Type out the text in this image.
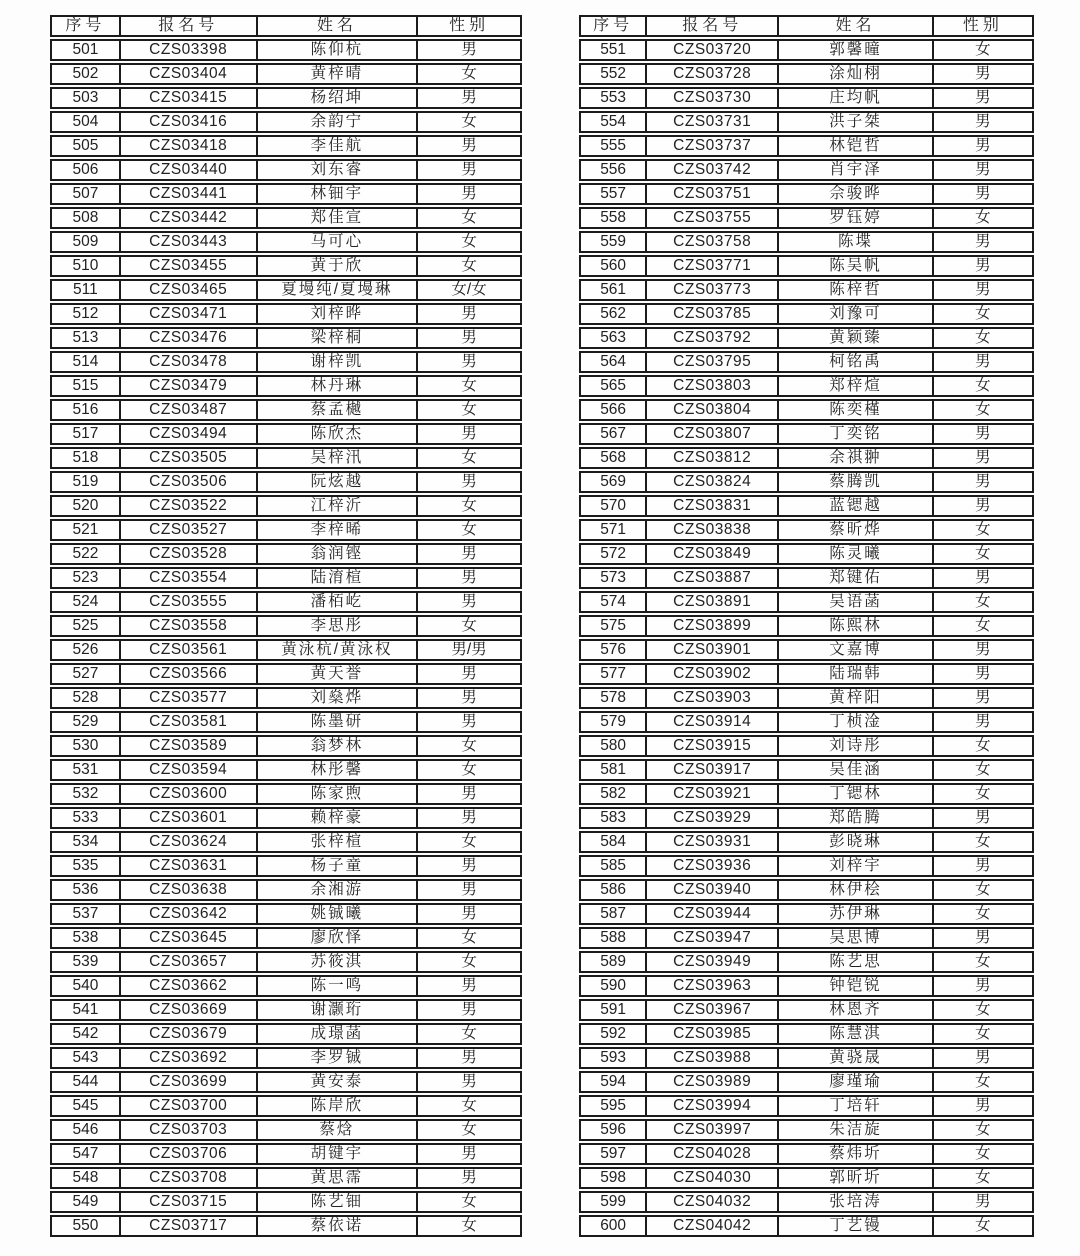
序号	报名号	姓名	性别
501	CZS03398	陈仰杭	男
502	CZS03404	黄梓晴	女
503	CZS03415	杨绍坤	男
504	CZS03416	余韵宁	女
505	CZS03418	李佳航	男
506	CZS03440	刘东睿	男
507	CZS03441	林钿宇	男
508	CZS03442	郑佳宣	女
509	CZS03443	马可心	女
510	CZS03455	黄于欣	女
511	CZS03465	夏墁纯/夏墁琳	女/女
512	CZS03471	刘梓晔	男
513	CZS03476	梁梓桐	男
514	CZS03478	谢梓凯	男
515	CZS03479	林丹琳	女
516	CZS03487	蔡孟樾	女
517	CZS03494	陈欣杰	男
518	CZS03505	吴梓汛	女
519	CZS03506	阮炫越	男
520	CZS03522	江梓沂	女
521	CZS03527	李梓晞	女
522	CZS03528	翁润铿	男
523	CZS03554	陆淯楦	男
524	CZS03555	潘栢屹	男
525	CZS03558	李思彤	女
526	CZS03561	黄泳杭/黄泳权	男/男
527	CZS03566	黄天誉	男
528	CZS03577	刘燊烨	男
529	CZS03581	陈墨研	男
530	CZS03589	翁梦林	女
531	CZS03594	林彤馨	女
532	CZS03600	陈家煦	男
533	CZS03601	赖梓豪	男
534	CZS03624	张梓楦	女
535	CZS03631	杨子童	男
536	CZS03638	余湘游	男
537	CZS03642	姚铖曦	男
538	CZS03645	廖欣怿	女
539	CZS03657	苏筱淇	女
540	CZS03662	陈一鸣	男
541	CZS03669	谢灏珩	男
542	CZS03679	成璟菡	女
543	CZS03692	李罗铖	男
544	CZS03699	黄安泰	男
545	CZS03700	陈岸欣	女
546	CZS03703	蔡焓	女
547	CZS03706	胡键宇	男
548	CZS03708	黄思霈	男
549	CZS03715	陈艺钿	女
550	CZS03717	蔡依诺	女
序号	报名号	姓名	性别
551	CZS03720	郭馨曈	女
552	CZS03728	涂灿栩	男
553	CZS03730	庄均帆	男
554	CZS03731	洪子桀	男
555	CZS03737	林铠哲	男
556	CZS03742	肖宇泽	男
557	CZS03751	佘骏晔	男
558	CZS03755	罗钰婷	女
559	CZS03758	陈堞	男
560	CZS03771	陈吴帆	男
561	CZS03773	陈梓哲	男
562	CZS03785	刘豫可	女
563	CZS03792	黄颖臻	女
564	CZS03795	柯铭禹	男
565	CZS03803	郑梓煊	女
566	CZS03804	陈奕槿	女
567	CZS03807	丁奕铭	男
568	CZS03812	余祺翀	男
569	CZS03824	蔡腾凯	男
570	CZS03831	蓝锶越	男
571	CZS03838	蔡昕烨	女
572	CZS03849	陈灵曦	女
573	CZS03887	郑键佑	男
574	CZS03891	吴语菡	女
575	CZS03899	陈熙林	女
576	CZS03901	文嘉博	男
577	CZS03902	陆瑞韩	男
578	CZS03903	黄梓阳	男
579	CZS03914	丁桢淦	男
580	CZS03915	刘诗彤	女
581	CZS03917	吴佳涵	女
582	CZS03921	丁锶林	女
583	CZS03929	郑皓腾	男
584	CZS03931	彭晓琳	女
585	CZS03936	刘梓宇	男
586	CZS03940	林伊桧	女
587	CZS03944	苏伊琳	女
588	CZS03947	吴思博	男
589	CZS03949	陈艺思	女
590	CZS03963	钟铠锐	男
591	CZS03967	林恩齐	女
592	CZS03985	陈慧淇	女
593	CZS03988	黄骁晟	男
594	CZS03989	廖瑾瑜	女
595	CZS03994	丁培轩	男
596	CZS03997	朱洁旋	女
597	CZS04028	蔡炜圻	女
598	CZS04030	郭昕圻	女
599	CZS04032	张培涛	男
600	CZS04042	丁艺镘	女
